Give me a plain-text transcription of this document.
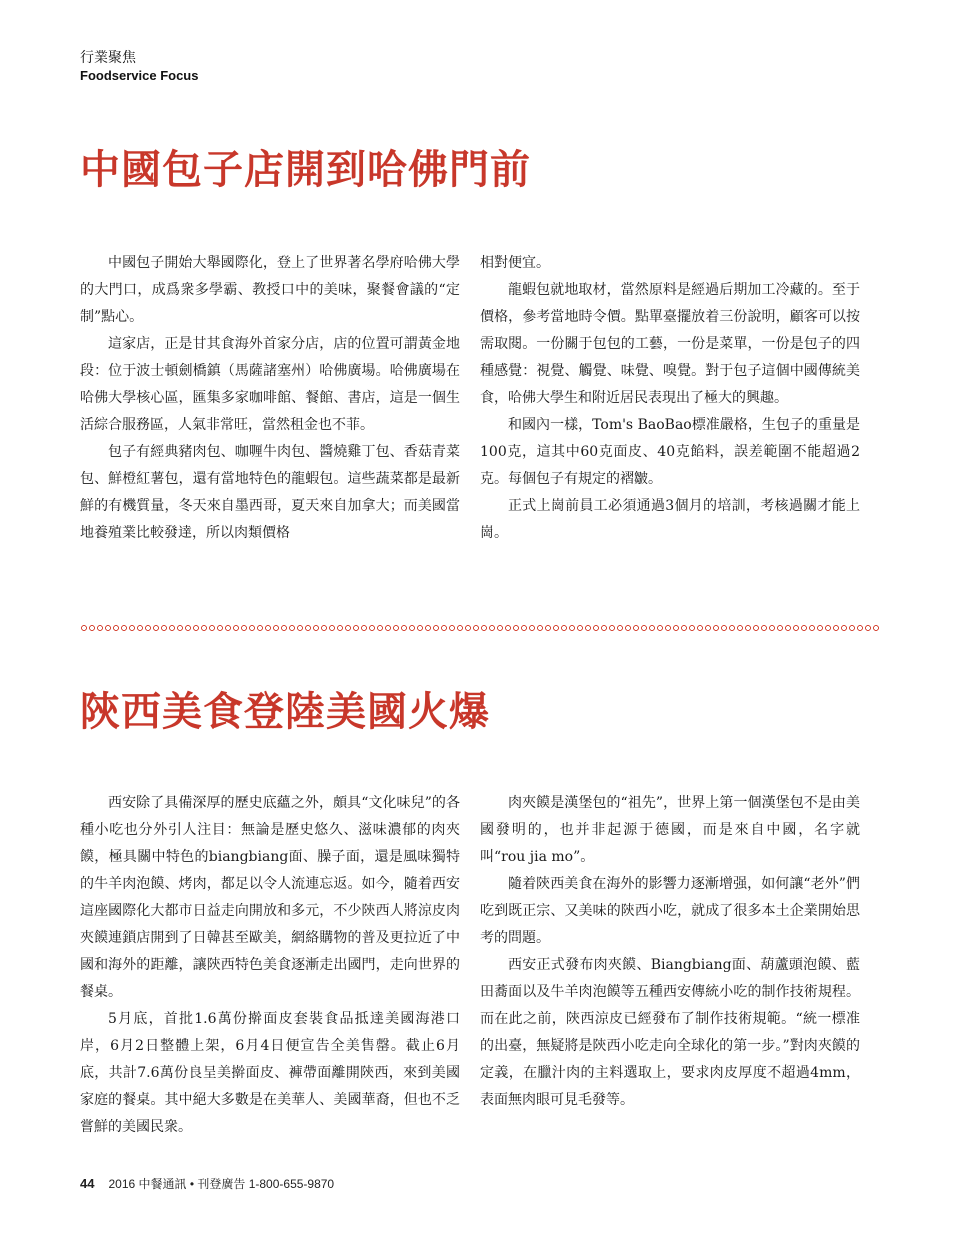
行業聚焦
Foodservice Focus
中國包子店開到哈佛門前

中國包子開始大舉國際化，登上了世界著名學府哈佛大學的大門口，成爲衆多學霸、教授口中的美味，聚餐會議的“定制”點心。

這家店，正是甘其食海外首家分店，店的位置可謂黃金地段：位于波士頓劍橋鎮（馬薩諸塞州）哈佛廣場。哈佛廣場在哈佛大學核心區，匯集多家咖啡館、餐館、書店，這是一個生活綜合服務區，人氣非常旺，當然租金也不菲。

包子有經典豬肉包、咖喱牛肉包、醬燒雞丁包、香菇青菜包、鮮橙紅薯包，還有當地特色的龍蝦包。這些蔬菜都是最新鮮的有機質量，冬天來自墨西哥，夏天來自加拿大；而美國當地養殖業比較發達，所以肉類價格

相對便宜。

龍蝦包就地取材，當然原料是經過后期加工冷藏的。至于價格，參考當地時令價。點單臺擺放着三份說明，顧客可以按需取閱。一份關于包包的工藝，一份是菜單，一份是包子的四種感覺：視覺、觸覺、味覺、嗅覺。對于包子這個中國傳統美食，哈佛大學生和附近居民表現出了極大的興趣。

和國內一樣，Tom's BaoBao標准嚴格，生包子的重量是100克，這其中60克面皮、40克餡料，誤差範圍不能超過2克。每個包子有規定的褶皺。

正式上崗前員工必須通過3個月的培訓，考核過關才能上崗。

陝西美食登陸美國火爆

西安除了具備深厚的歷史底蘊之外，頗具“文化味兒”的各種小吃也分外引人注目：無論是歷史悠久、滋味濃郁的肉夾饃，極具關中特色的biangbiang面、臊子面，還是風味獨特的牛羊肉泡饃、烤肉，都足以令人流連忘返。如今，隨着西安這座國際化大都市日益走向開放和多元，不少陝西人將涼皮肉夾饃連鎖店開到了日韓甚至歐美，網絡購物的普及更拉近了中國和海外的距離，讓陝西特色美食逐漸走出國門，走向世界的餐桌。

5月底，首批1.6萬份擀面皮套裝食品抵達美國海港口岸，6月2日整體上架，6月4日便宣告全美售罄。截止6月底，共計7.6萬份良呈美擀面皮、褲帶面離開陝西，來到美國家庭的餐桌。其中絕大多數是在美華人、美國華裔，但也不乏嘗鮮的美國民衆。

肉夾饃是漢堡包的“祖先”，世界上第一個漢堡包不是由美國發明的，也并非起源于德國，而是來自中國，名字就叫“rou jia mo”。

隨着陝西美食在海外的影響力逐漸增强，如何讓“老外”們吃到既正宗、又美味的陝西小吃，就成了很多本土企業開始思考的問題。

西安正式發布肉夾饃、Biangbiang面、葫蘆頭泡饃、藍田蕎面以及牛羊肉泡饃等五種西安傳統小吃的制作技術規程。而在此之前，陝西涼皮已經發布了制作技術規範。“統一標准的出臺，無疑將是陝西小吃走向全球化的第一步。”對肉夾饃的定義，在臘汁肉的主料選取上，要求肉皮厚度不超過4mm，表面無肉眼可見毛發等。

44 2016 中餐通訊 • 刊登廣告 1-800-655-9870
